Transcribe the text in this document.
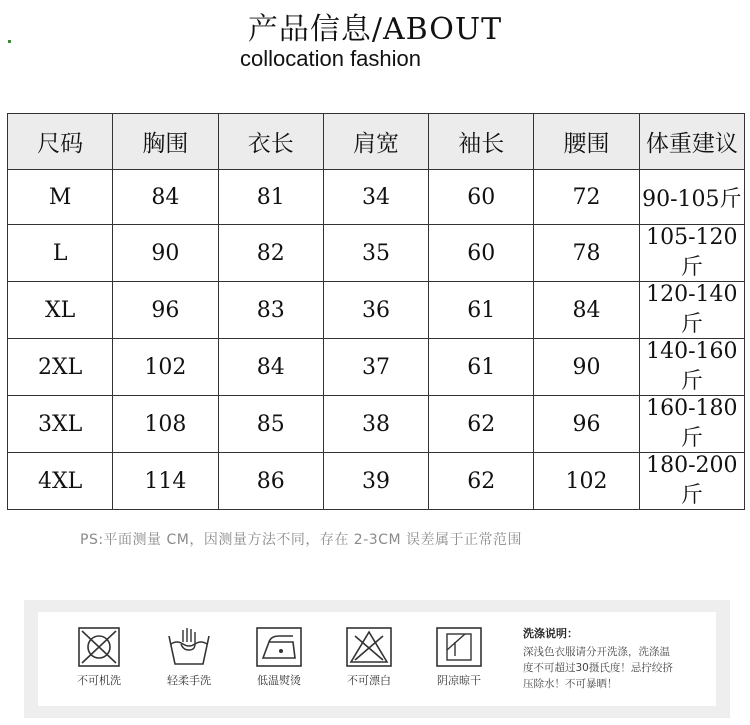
产品信息/ABOUT
collocation fashion
尺码	胸围	衣长	肩宽	袖长	腰围	体重建议
M	84	81	34	60	72	90-105斤
L	90	82	35	60	78	105-120斤
XL	96	83	36	61	84	120-140斤
2XL	102	84	37	61	90	140-160斤
3XL	108	85	38	62	96	160-180斤
4XL	114	86	39	62	102	180-200斤
PS:平面测量 CM，因测量方法不同，存在 2-3CM 误差属于正常范围
不可机洗	轻柔手洗	低温熨烫	不可漂白	阴凉晾干
洗涤说明：
深浅色衣服请分开洗涤，洗涤温
度不可超过30摄氏度！忌拧绞挤
压除水！不可暴晒！
